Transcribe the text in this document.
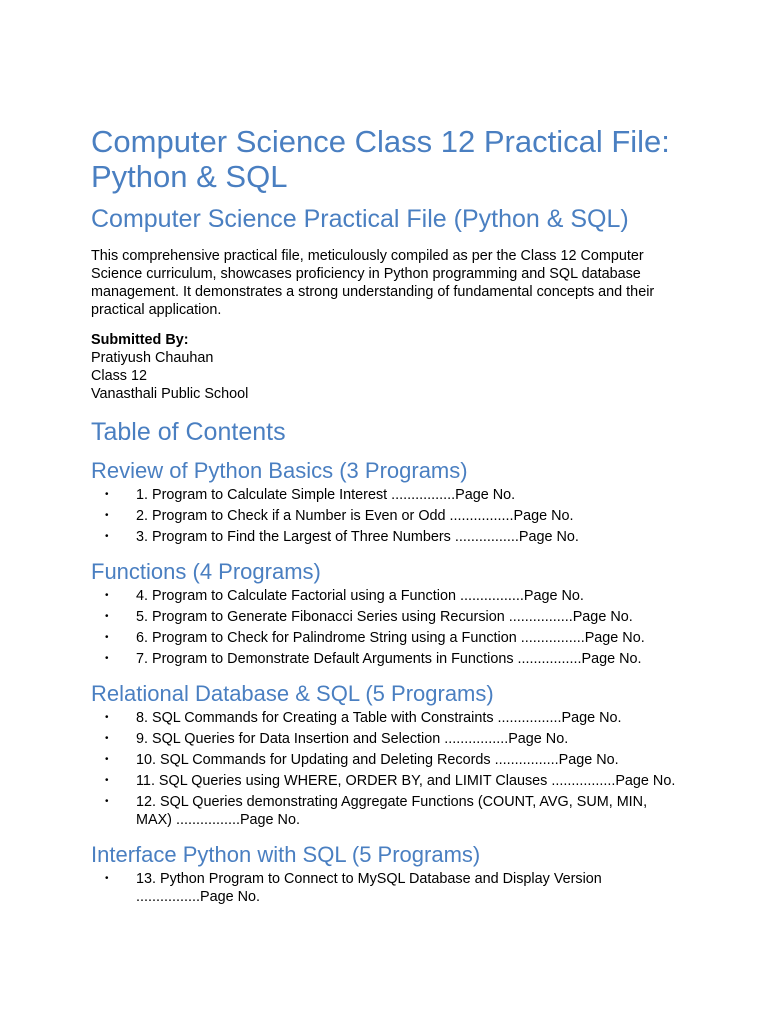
Computer Science Class 12 Practical File: Python & SQL
Computer Science Practical File (Python & SQL)

This comprehensive practical file, meticulously compiled as per the Class 12 Computer Science curriculum, showcases proficiency in Python programming and SQL database management. It demonstrates a strong understanding of fundamental concepts and their practical application.

Submitted By:
Pratiyush Chauhan
Class 12
Vanasthali Public School
Table of Contents
Review of Python Basics (3 Programs)
• 1. Program to Calculate Simple Interest ................Page No.
• 2. Program to Check if a Number is Even or Odd ................Page No.
• 3. Program to Find the Largest of Three Numbers ................Page No.
Functions (4 Programs)
• 4. Program to Calculate Factorial using a Function ................Page No.
• 5. Program to Generate Fibonacci Series using Recursion ................Page No.
• 6. Program to Check for Palindrome String using a Function ................Page No.
• 7. Program to Demonstrate Default Arguments in Functions ................Page No.
Relational Database & SQL (5 Programs)
• 8. SQL Commands for Creating a Table with Constraints ................Page No.
• 9. SQL Queries for Data Insertion and Selection ................Page No.
• 10. SQL Commands for Updating and Deleting Records ................Page No.
• 11. SQL Queries using WHERE, ORDER BY, and LIMIT Clauses ................Page No.
• 12. SQL Queries demonstrating Aggregate Functions (COUNT, AVG, SUM, MIN, MAX) ................Page No.
Interface Python with SQL (5 Programs)
• 13. Python Program to Connect to MySQL Database and Display Version ................Page No.
